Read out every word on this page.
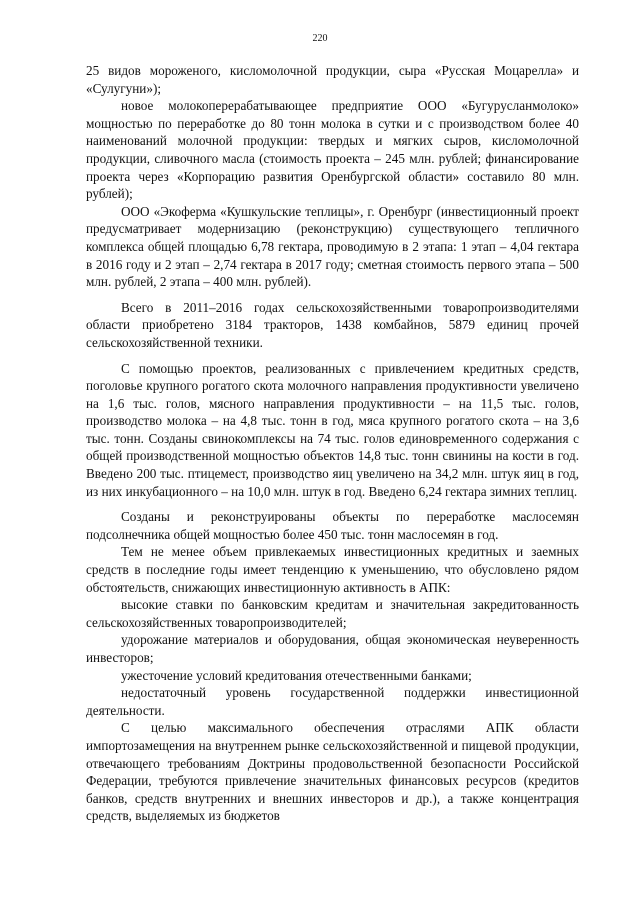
220

25 видов мороженого, кисломолочной продукции, сыра «Русская Моцарелла» и «Сулугуни»);

новое молокоперерабатывающее предприятие ООО «Бугурусланмолоко» мощностью по переработке до 80 тонн молока в сутки и с производством более 40 наименований молочной продукции: твердых и мягких сыров, кисломолочной продукции, сливочного масла (стоимость проекта – 245 млн. рублей; финансирование проекта через «Корпорацию развития Оренбургской области» составило 80 млн. рублей);

ООО «Экоферма «Кушкульские теплицы», г. Оренбург (инвестиционный проект предусматривает модернизацию (реконструкцию) существующего тепличного комплекса общей площадью 6,78 гектара, проводимую в 2 этапа: 1 этап – 4,04 гектара в 2016 году и 2 этап – 2,74 гектара в 2017 году; сметная стоимость первого этапа – 500 млн. рублей, 2 этапа – 400 млн. рублей).

Всего в 2011–2016 годах сельскохозяйственными товаропроизводителями области приобретено 3184 тракторов, 1438 комбайнов, 5879 единиц прочей сельскохозяйственной техники.

С помощью проектов, реализованных с привлечением кредитных средств, поголовье крупного рогатого скота молочного направления продуктивности увеличено на 1,6 тыс. голов, мясного направления продуктивности – на 11,5 тыс. голов, производство молока – на 4,8 тыс. тонн в год, мяса крупного рогатого скота – на 3,6 тыс. тонн. Созданы свинокомплексы на 74 тыс. голов единовременного содержания с общей производственной мощностью объектов 14,8 тыс. тонн свинины на кости в год. Введено 200 тыс. птицемест, производство яиц увеличено на 34,2 млн. штук яиц в год, из них инкубационного – на 10,0 млн. штук в год. Введено 6,24 гектара зимних теплиц.

Созданы и реконструированы объекты по переработке маслосемян подсолнечника общей мощностью более 450 тыс. тонн маслосемян в год.

Тем не менее объем привлекаемых инвестиционных кредитных и заемных средств в последние годы имеет тенденцию к уменьшению, что обусловлено рядом обстоятельств, снижающих инвестиционную активность в АПК:

высокие ставки по банковским кредитам и значительная закредитованность сельскохозяйственных товаропроизводителей;

удорожание материалов и оборудования, общая экономическая неуверенность инвесторов;

ужесточение условий кредитования отечественными банками;

недостаточный уровень государственной поддержки инвестиционной деятельности.

С целью максимального обеспечения отраслями АПК области импортозамещения на внутреннем рынке сельскохозяйственной и пищевой продукции, отвечающего требованиям Доктрины продовольственной безопасности Российской Федерации, требуются привлечение значительных финансовых ресурсов (кредитов банков, средств внутренних и внешних инвесторов и др.), а также концентрация средств, выделяемых из бюджетов
